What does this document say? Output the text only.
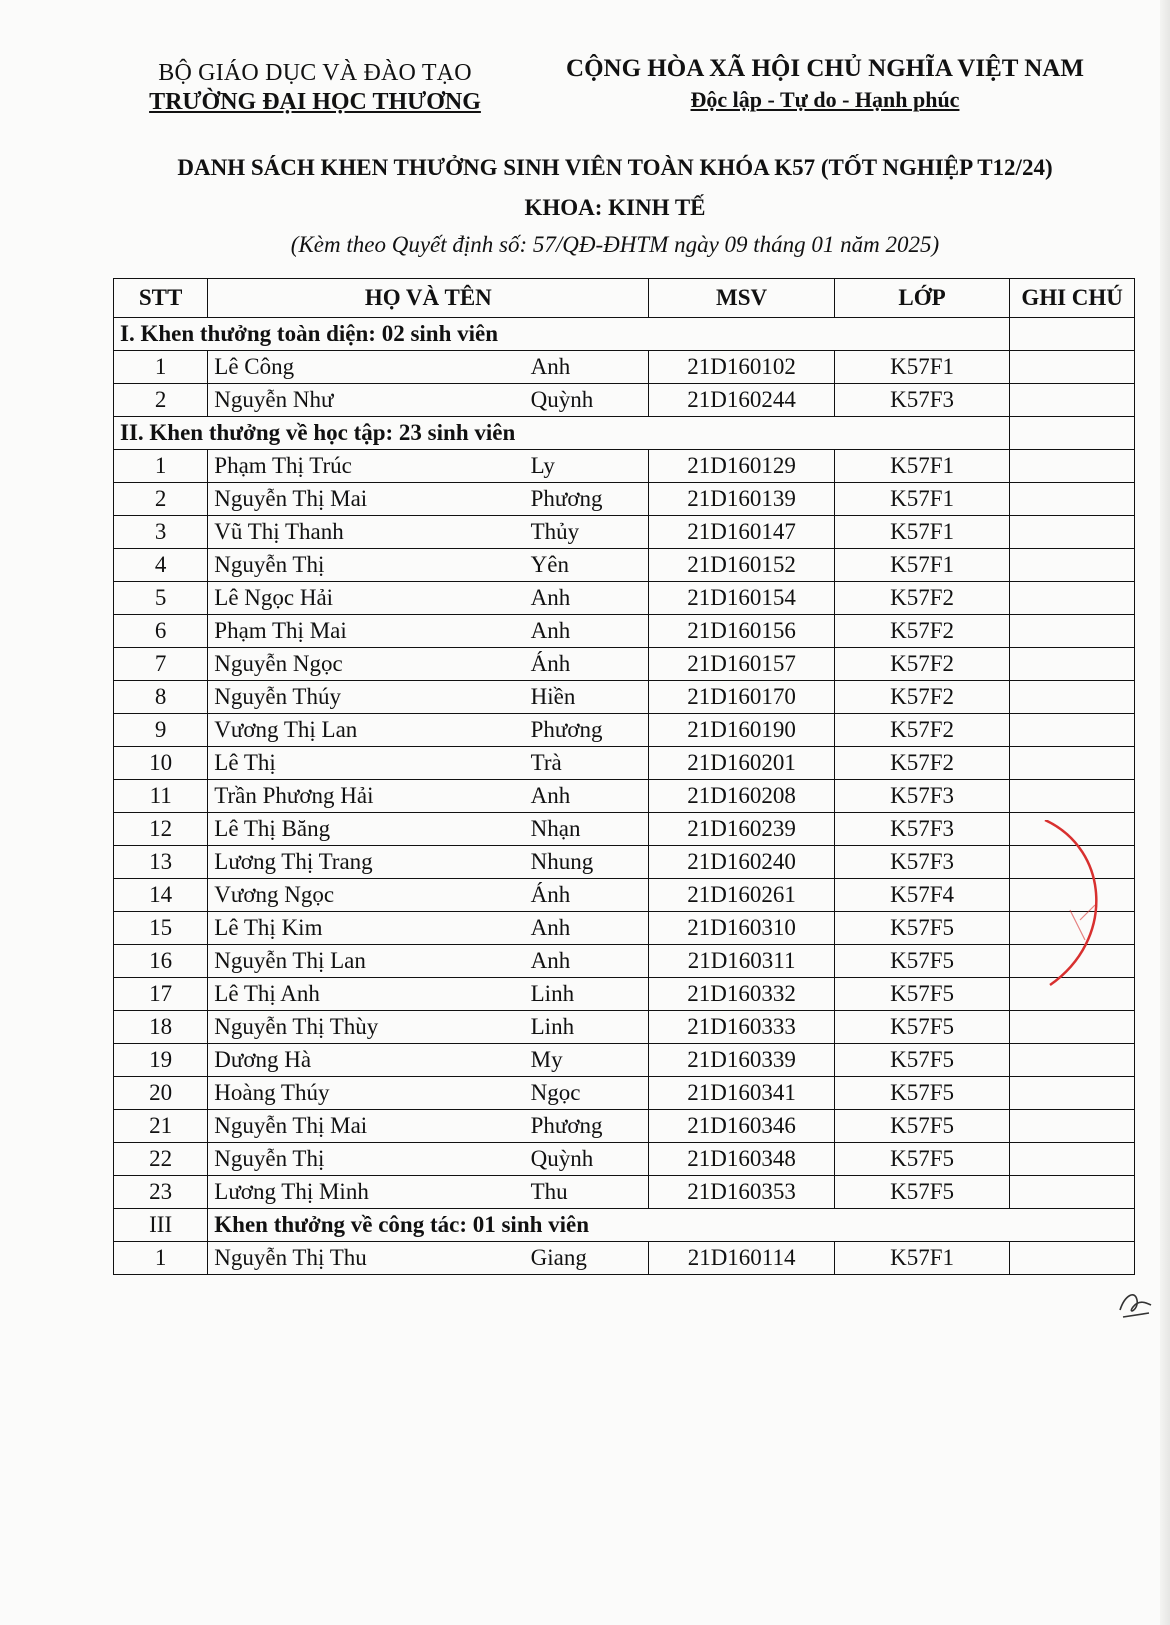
BỘ GIÁO DỤC VÀ ĐÀO TẠO
TRƯỜNG ĐẠI HỌC THƯƠNG
CỘNG HÒA XÃ HỘI CHỦ NGHĨA VIỆT NAM
Độc lập - Tự do - Hạnh phúc
DANH SÁCH KHEN THƯỞNG SINH VIÊN TOÀN KHÓA K57 (TỐT NGHIỆP T12/24)
KHOA: KINH TẾ
(Kèm theo Quyết định số: 57/QĐ-ĐHTM ngày 09 tháng 01 năm 2025)
STT	HỌ VÀ TÊN		MSV	LỚP	GHI CHÚ
I. Khen thưởng toàn diện: 02 sinh viên					
1	Lê Công	Anh	21D160102	K57F1	
2	Nguyễn Như	Quỳnh	21D160244	K57F3	
II. Khen thưởng về học tập: 23 sinh viên					
1	Phạm Thị Trúc	Ly	21D160129	K57F1	
2	Nguyễn Thị Mai	Phương	21D160139	K57F1	
3	Vũ Thị Thanh	Thủy	21D160147	K57F1	
4	Nguyễn Thị	Yên	21D160152	K57F1	
5	Lê Ngọc Hải	Anh	21D160154	K57F2	
6	Phạm Thị Mai	Anh	21D160156	K57F2	
7	Nguyễn Ngọc	Ánh	21D160157	K57F2	
8	Nguyễn Thúy	Hiền	21D160170	K57F2	
9	Vương Thị Lan	Phương	21D160190	K57F2	
10	Lê Thị	Trà	21D160201	K57F2	
11	Trần Phương Hải	Anh	21D160208	K57F3	
12	Lê Thị Băng	Nhạn	21D160239	K57F3	
13	Lương Thị Trang	Nhung	21D160240	K57F3	
14	Vương Ngọc	Ánh	21D160261	K57F4	
15	Lê Thị Kim	Anh	21D160310	K57F5	
16	Nguyễn Thị Lan	Anh	21D160311	K57F5	
17	Lê Thị Anh	Linh	21D160332	K57F5	
18	Nguyễn Thị Thùy	Linh	21D160333	K57F5	
19	Dương Hà	My	21D160339	K57F5	
20	Hoàng Thúy	Ngọc	21D160341	K57F5	
21	Nguyễn Thị Mai	Phương	21D160346	K57F5	
22	Nguyễn Thị	Quỳnh	21D160348	K57F5	
23	Lương Thị Minh	Thu	21D160353	K57F5	
III	Khen thưởng về công tác: 01 sinh viên				
1	Nguyễn Thị Thu	Giang	21D160114	K57F1	
